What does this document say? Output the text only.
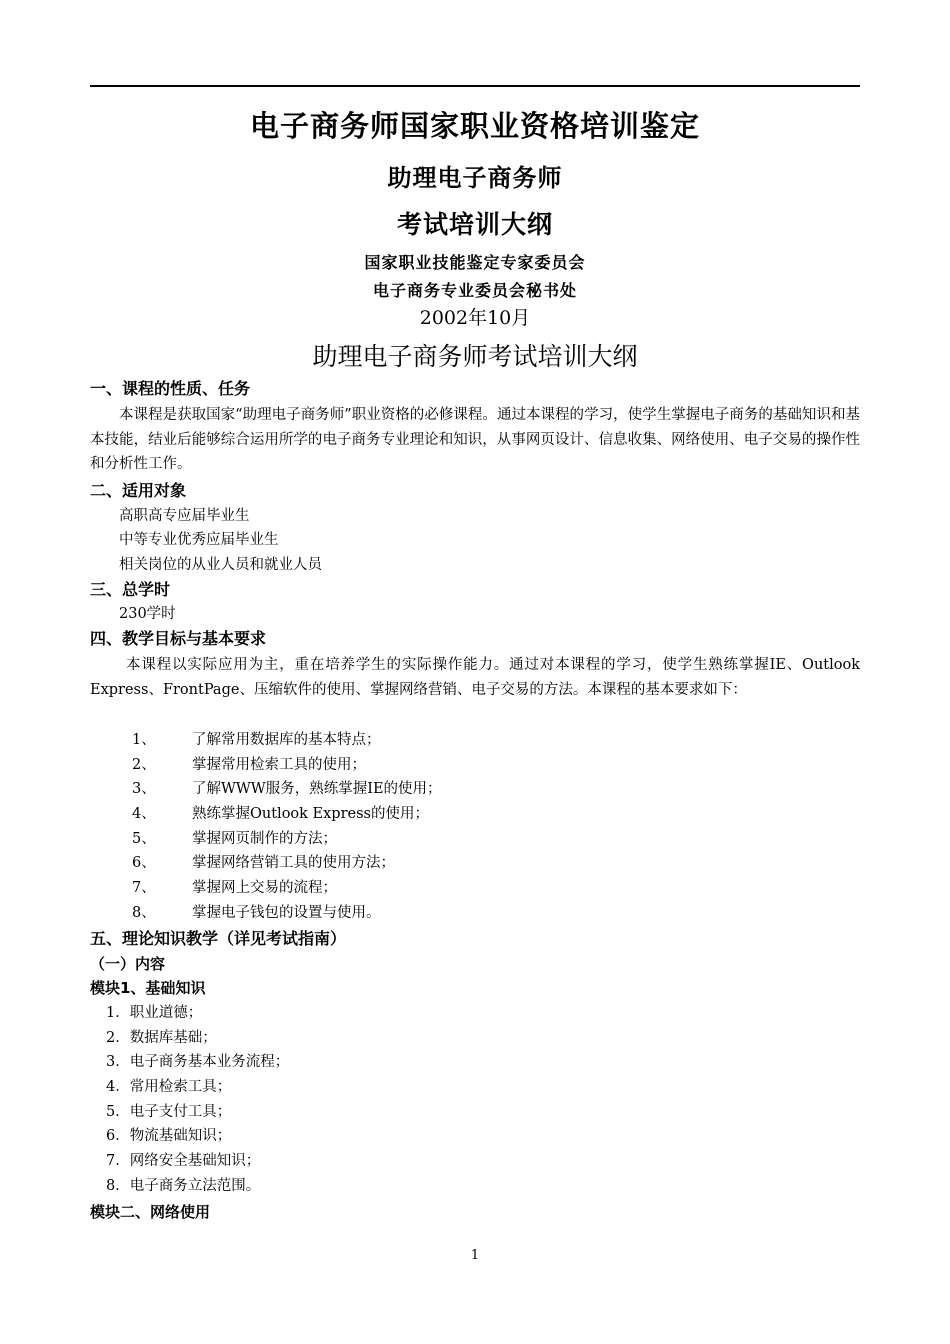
电子商务师国家职业资格培训鉴定
助理电子商务师
考试培训大纲
国家职业技能鉴定专家委员会
电子商务专业委员会秘书处
2002年10月
助理电子商务师考试培训大纲
一、课程的性质、任务
本课程是获取国家“助理电子商务师”职业资格的必修课程。通过本课程的学习，使学生掌握电子商务的基础知识和基本技能，结业后能够综合运用所学的电子商务专业理论和知识，从事网页设计、信息收集、网络使用、电子交易的操作性和分析性工作。
二、适用对象
高职高专应届毕业生
中等专业优秀应届毕业生
相关岗位的从业人员和就业人员
三、总学时
230学时
四、教学目标与基本要求
本课程以实际应用为主，重在培养学生的实际操作能力。通过对本课程的学习，使学生熟练掌握IE、Outlook Express、FrontPage、压缩软件的使用、掌握网络营销、电子交易的方法。本课程的基本要求如下：
1、	了解常用数据库的基本特点；
2、	掌握常用检索工具的使用；
3、	了解WWW服务，熟练掌握IE的使用；
4、	熟练掌握Outlook Express的使用；
5、	掌握网页制作的方法；
6、	掌握网络营销工具的使用方法；
7、	掌握网上交易的流程；
8、	掌握电子钱包的设置与使用。
五、理论知识教学（详见考试指南）
（一）内容
模块1、基础知识
1．职业道德；
2．数据库基础；
3．电子商务基本业务流程；
4．常用检索工具；
5．电子支付工具；
6．物流基础知识；
7．网络安全基础知识；
8．电子商务立法范围。
模块二、网络使用
1
